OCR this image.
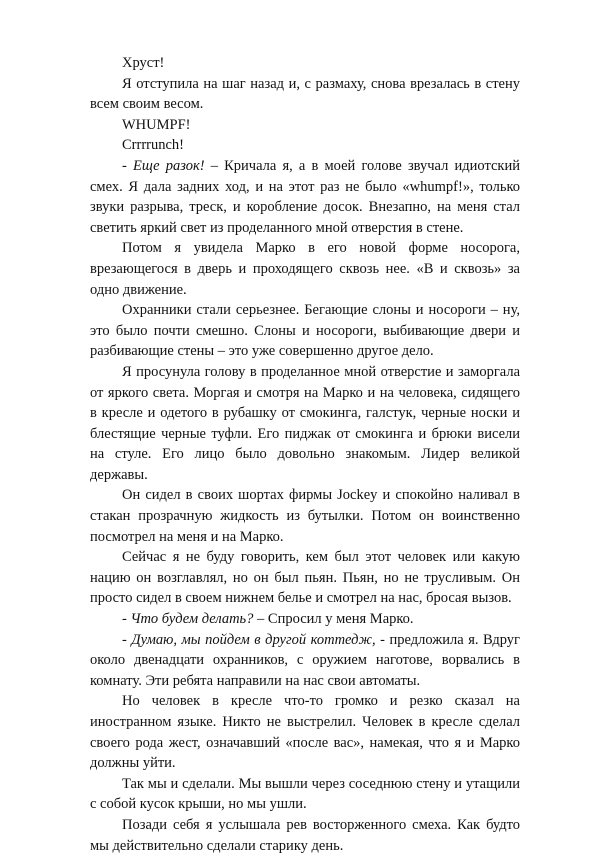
Хруст!

Я отступила на шаг назад и, с размаху, снова врезалась в стену всем своим весом.

WHUMPF!

Crrrrunch!

- Еще разок! – Кричала я, а в моей голове звучал идиотский смех. Я дала задних ход, и на этот раз не было «whumpf!», только звуки разрыва, треск, и коробление досок. Внезапно, на меня стал светить яркий свет из проделанного мной отверстия в стене.

Потом я увидела Марко в его новой форме носорога, врезающегося в дверь и проходящего сквозь нее. «В и сквозь» за одно движение.

Охранники стали серьезнее. Бегающие слоны и носороги – ну, это было почти смешно. Слоны и носороги, выбивающие двери и разбивающие стены – это уже совершенно другое дело.

Я просунула голову в проделанное мной отверстие и заморгала от яркого света. Моргая и смотря на Марко и на человека, сидящего в кресле и одетого в рубашку от смокинга, галстук, черные носки и блестящие черные туфли. Его пиджак от смокинга и брюки висели на стуле. Его лицо было довольно знакомым. Лидер великой державы.

Он сидел в своих шортах фирмы Jockey и спокойно наливал в стакан прозрачную жидкость из бутылки. Потом он воинственно посмотрел на меня и на Марко.

Сейчас я не буду говорить, кем был этот человек или какую нацию он возглавлял, но он был пьян. Пьян, но не трусливым. Он просто сидел в своем нижнем белье и смотрел на нас, бросая вызов.

- Что будем делать? – Спросил у меня Марко.

- Думаю, мы пойдем в другой коттедж, - предложила я. Вдруг около двенадцати охранников, с оружием наготове, ворвались в комнату. Эти ребята направили на нас свои автоматы.

Но человек в кресле что-то громко и резко сказал на иностранном языке. Никто не выстрелил. Человек в кресле сделал своего рода жест, означавший «после вас», намекая, что я и Марко должны уйти.

Так мы и сделали. Мы вышли через соседнюю стену и утащили с собой кусок крыши, но мы ушли.

Позади себя я услышала рев восторженного смеха. Как будто мы действительно сделали старику день.
